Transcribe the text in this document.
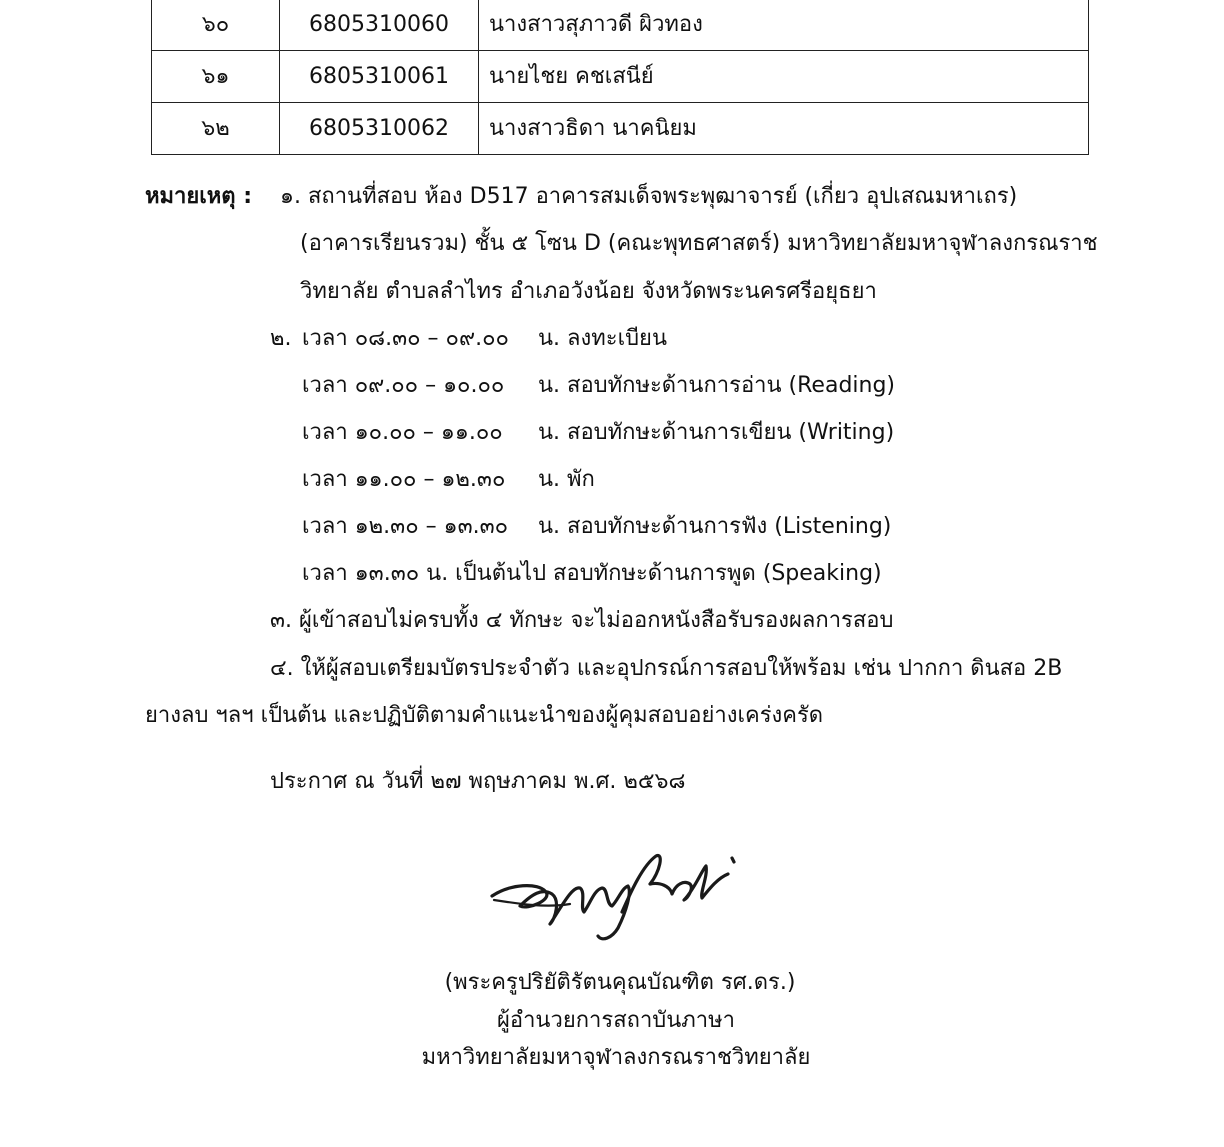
๖๐	6805310060	นางสาวสุภาวดี ผิวทอง
๖๑	6805310061	นายไชย คชเสนีย์
๖๒	6805310062	นางสาวธิดา นาคนิยม
หมายเหตุ : ๑. สถานที่สอบ ห้อง D517 อาคารสมเด็จพระพุฒาจารย์ (เกี่ยว อุปเสณมหาเถร)
(อาคารเรียนรวม) ชั้น ๕ โซน D (คณะพุทธศาสตร์) มหาวิทยาลัยมหาจุฬาลงกรณราช
วิทยาลัย ตำบลลำไทร อำเภอวังน้อย จังหวัดพระนครศรีอยุธยา
๒. เวลา ๐๘.๓๐ – ๐๙.๐๐ น. ลงทะเบียน
เวลา ๐๙.๐๐ – ๑๐.๐๐ น. สอบทักษะด้านการอ่าน (Reading)
เวลา ๑๐.๐๐ – ๑๑.๐๐ น. สอบทักษะด้านการเขียน (Writing)
เวลา ๑๑.๐๐ – ๑๒.๓๐ น. พัก
เวลา ๑๒.๓๐ – ๑๓.๓๐ น. สอบทักษะด้านการฟัง (Listening)
เวลา ๑๓.๓๐ น. เป็นต้นไป สอบทักษะด้านการพูด (Speaking)
๓. ผู้เข้าสอบไม่ครบทั้ง ๔ ทักษะ จะไม่ออกหนังสือรับรองผลการสอบ
๔. ให้ผู้สอบเตรียมบัตรประจำตัว และอุปกรณ์การสอบให้พร้อม เช่น ปากกา ดินสอ 2B
ยางลบ ฯลฯ เป็นต้น และปฏิบัติตามคำแนะนำของผู้คุมสอบอย่างเคร่งครัด
ประกาศ ณ วันที่ ๒๗ พฤษภาคม พ.ศ. ๒๕๖๘
(พระครูปริยัติรัตนคุณบัณฑิต รศ.ดร.)
ผู้อำนวยการสถาบันภาษา
มหาวิทยาลัยมหาจุฬาลงกรณราชวิทยาลัย
